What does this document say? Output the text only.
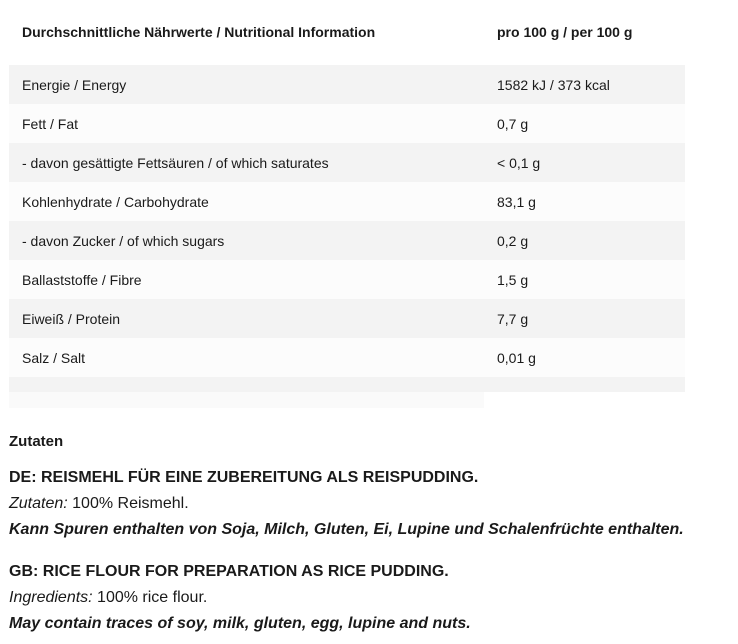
Durchschnittliche Nährwerte / Nutritional Information	pro 100 g / per 100 g
Energie / Energy	1582 kJ / 373 kcal
Fett / Fat	0,7 g
- davon gesättigte Fettsäuren / of which saturates	< 0,1 g
Kohlenhydrate / Carbohydrate	83,1 g
- davon Zucker / of which sugars	0,2 g
Ballaststoffe / Fibre	1,5 g
Eiweiß / Protein	7,7 g
Salz / Salt	0,01 g
Zutaten
DE: REISMEHL FÜR EINE ZUBEREITUNG ALS REISPUDDING.
Zutaten: 100% Reismehl.
Kann Spuren enthalten von Soja, Milch, Gluten, Ei, Lupine und Schalenfrüchte enthalten.
GB: RICE FLOUR FOR PREPARATION AS RICE PUDDING.
Ingredients: 100% rice flour.
May contain traces of soy, milk, gluten, egg, lupine and nuts.
